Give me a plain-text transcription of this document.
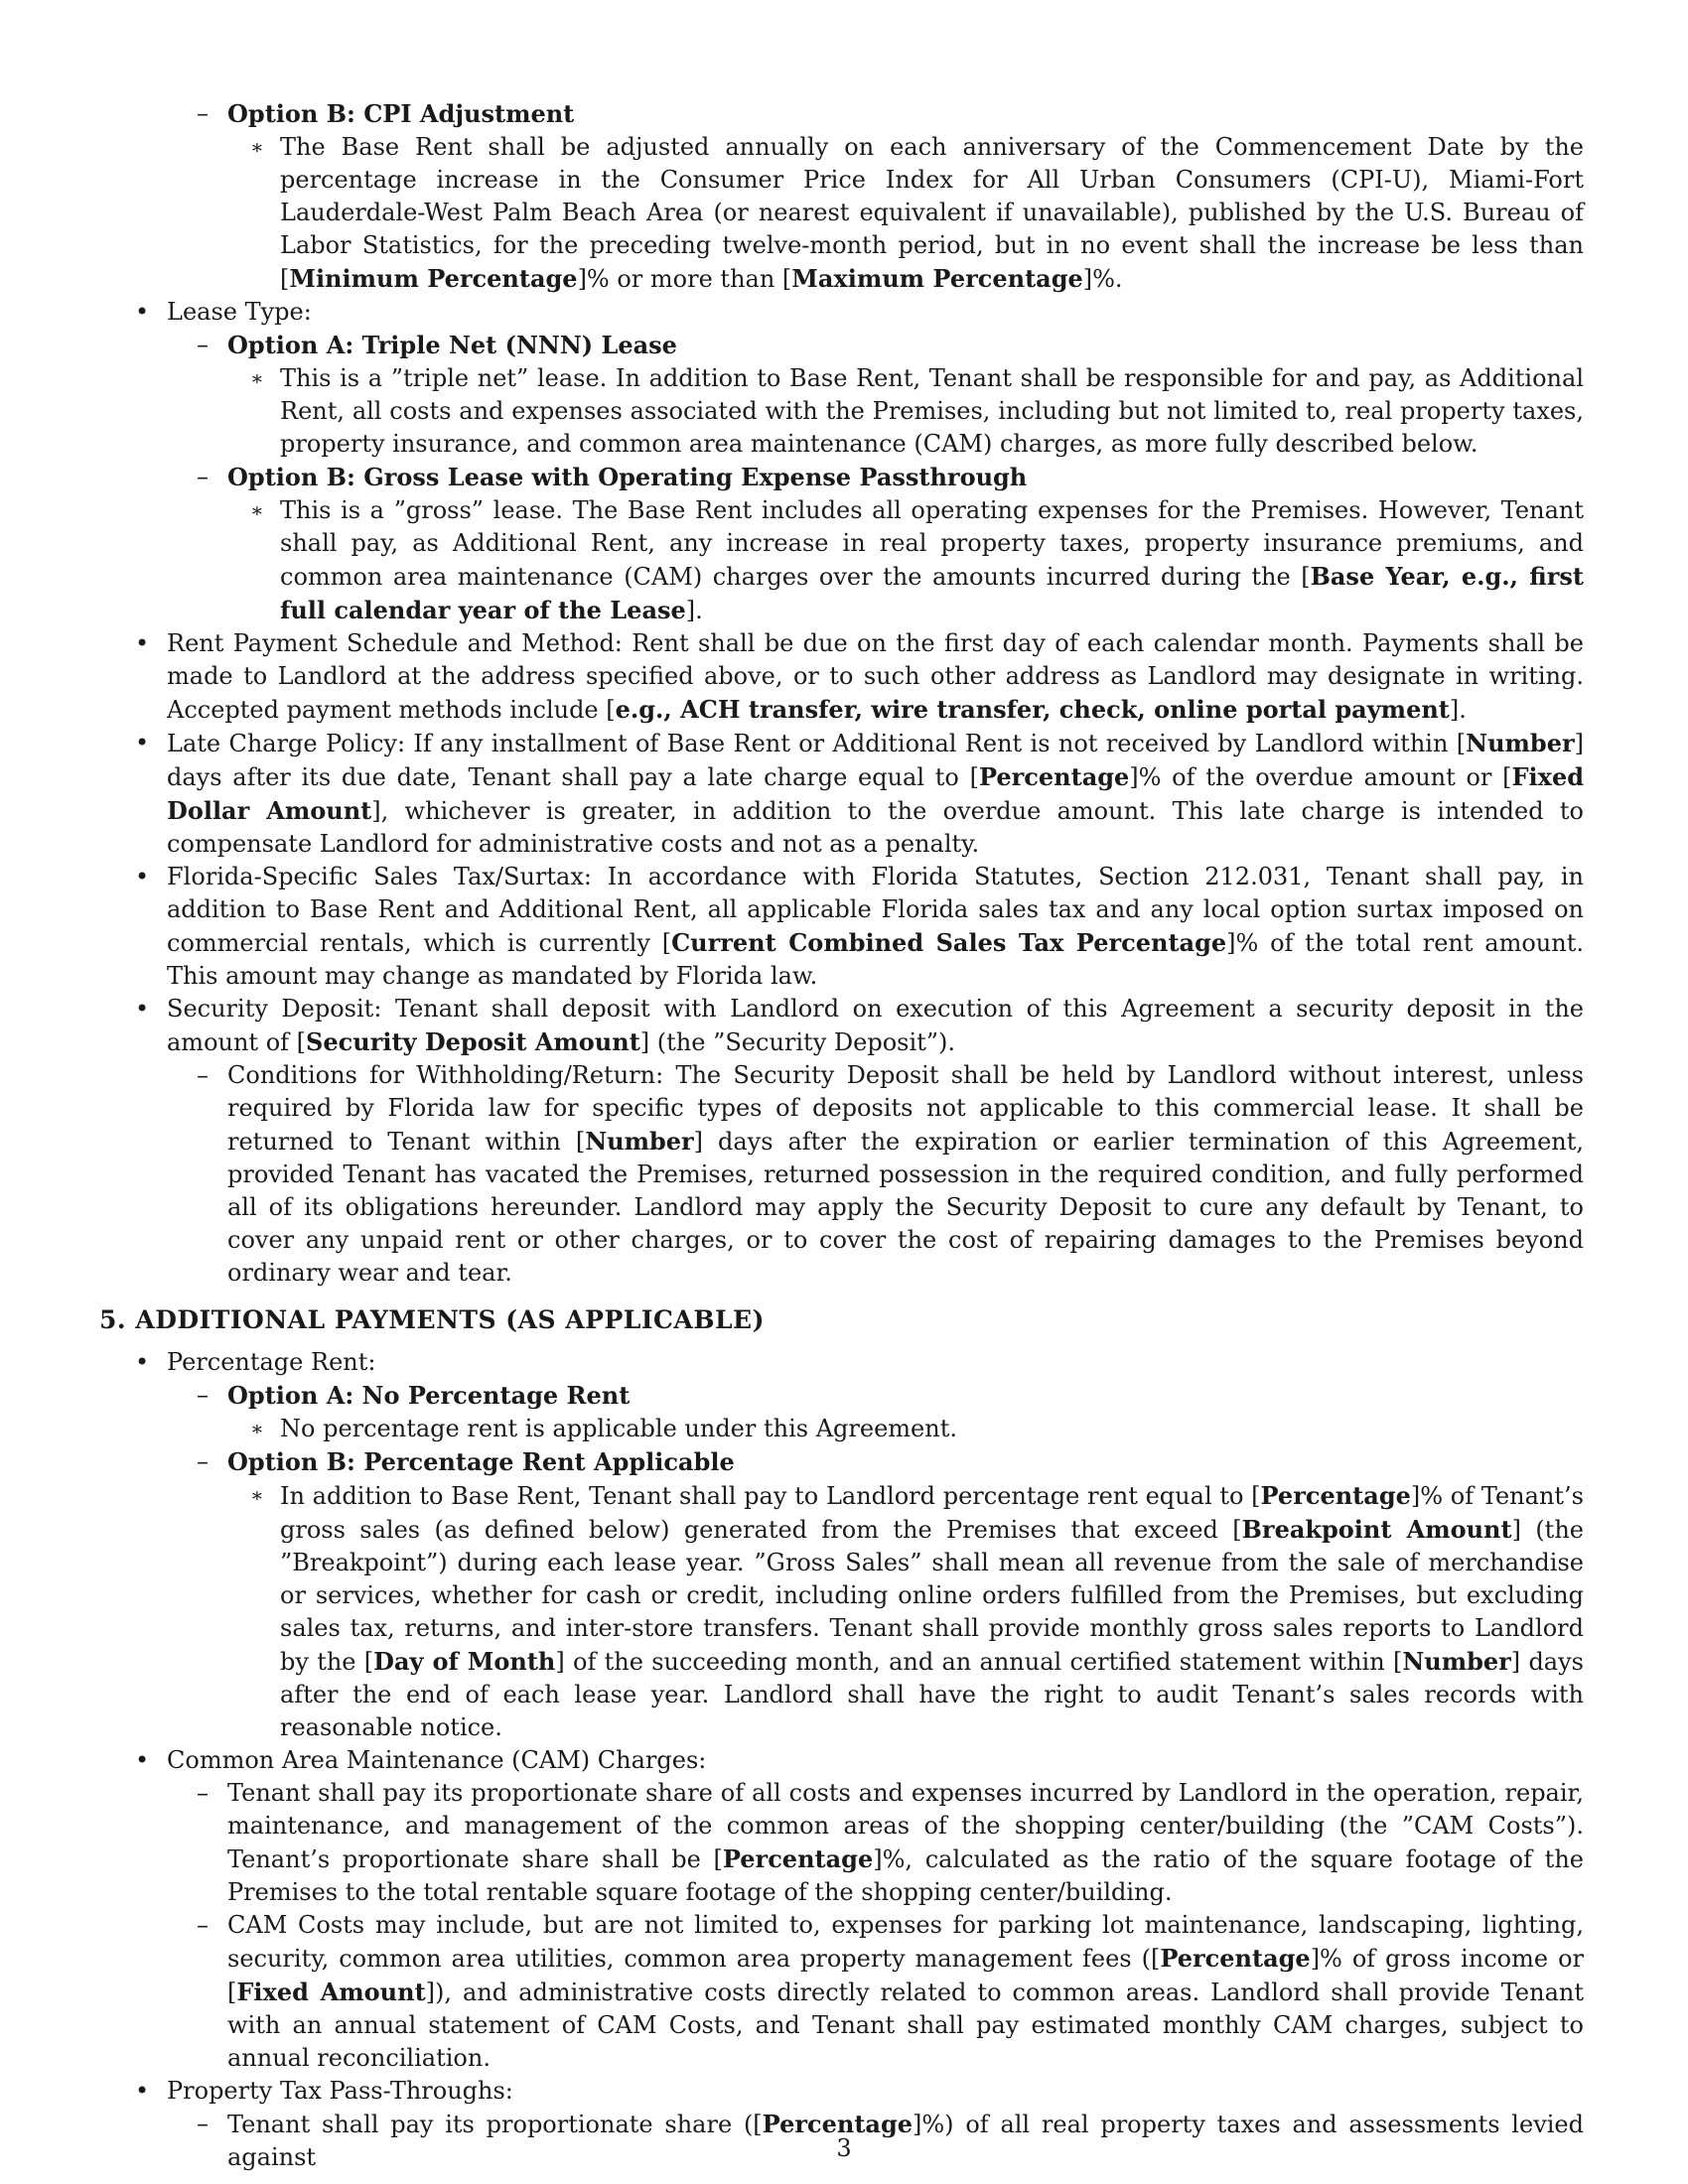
– Option B: CPI Adjustment
∗ The Base Rent shall be adjusted annually on each anniversary of the Commencement Date by the percentage increase in the Consumer Price Index for All Urban Consumers (CPI-U), Miami-Fort Lauderdale-West Palm Beach Area (or nearest equivalent if unavailable), published by the U.S. Bureau of Labor Statistics, for the preceding twelve-month period, but in no event shall the increase be less than [Minimum Percentage]% or more than [Maximum Percentage]%.
• Lease Type:
– Option A: Triple Net (NNN) Lease
∗ This is a ”triple net” lease. In addition to Base Rent, Tenant shall be responsible for and pay, as Additional Rent, all costs and expenses associated with the Premises, including but not limited to, real property taxes, property insurance, and common area maintenance (CAM) charges, as more fully described below.
– Option B: Gross Lease with Operating Expense Passthrough
∗ This is a ”gross” lease. The Base Rent includes all operating expenses for the Premises. However, Tenant shall pay, as Additional Rent, any increase in real property taxes, property insurance premiums, and common area maintenance (CAM) charges over the amounts incurred during the [Base Year, e.g., first full calendar year of the Lease].
• Rent Payment Schedule and Method: Rent shall be due on the first day of each calendar month. Payments shall be made to Landlord at the address specified above, or to such other address as Landlord may designate in writing. Accepted payment methods include [e.g., ACH transfer, wire transfer, check, online portal payment].
• Late Charge Policy: If any installment of Base Rent or Additional Rent is not received by Landlord within [Number] days after its due date, Tenant shall pay a late charge equal to [Percentage]% of the overdue amount or [Fixed Dollar Amount], whichever is greater, in addition to the overdue amount. This late charge is intended to compensate Landlord for administrative costs and not as a penalty.
• Florida-Specific Sales Tax/Surtax: In accordance with Florida Statutes, Section 212.031, Tenant shall pay, in addition to Base Rent and Additional Rent, all applicable Florida sales tax and any local option surtax imposed on commercial rentals, which is currently [Current Combined Sales Tax Percentage]% of the total rent amount. This amount may change as mandated by Florida law.
• Security Deposit: Tenant shall deposit with Landlord on execution of this Agreement a security deposit in the amount of [Security Deposit Amount] (the ”Security Deposit”).
– Conditions for Withholding/Return: The Security Deposit shall be held by Landlord without interest, unless required by Florida law for specific types of deposits not applicable to this commercial lease. It shall be returned to Tenant within [Number] days after the expiration or earlier termination of this Agreement, provided Tenant has vacated the Premises, returned possession in the required condition, and fully performed all of its obligations hereunder. Landlord may apply the Security Deposit to cure any default by Tenant, to cover any unpaid rent or other charges, or to cover the cost of repairing damages to the Premises beyond ordinary wear and tear.
5. ADDITIONAL PAYMENTS (AS APPLICABLE)
• Percentage Rent:
– Option A: No Percentage Rent
∗ No percentage rent is applicable under this Agreement.
– Option B: Percentage Rent Applicable
∗ In addition to Base Rent, Tenant shall pay to Landlord percentage rent equal to [Percentage]% of Tenant’s gross sales (as defined below) generated from the Premises that exceed [Breakpoint Amount] (the ”Breakpoint”) during each lease year. ”Gross Sales” shall mean all revenue from the sale of merchandise or services, whether for cash or credit, including online orders fulfilled from the Premises, but excluding sales tax, returns, and inter-store transfers. Tenant shall provide monthly gross sales reports to Landlord by the [Day of Month] of the succeeding month, and an annual certified statement within [Number] days after the end of each lease year. Landlord shall have the right to audit Tenant’s sales records with reasonable notice.
• Common Area Maintenance (CAM) Charges:
– Tenant shall pay its proportionate share of all costs and expenses incurred by Landlord in the operation, repair, maintenance, and management of the common areas of the shopping center/building (the ”CAM Costs”). Tenant’s proportionate share shall be [Percentage]%, calculated as the ratio of the square footage of the Premises to the total rentable square footage of the shopping center/building.
– CAM Costs may include, but are not limited to, expenses for parking lot maintenance, landscaping, lighting, security, common area utilities, common area property management fees ([Percentage]% of gross income or [Fixed Amount]), and administrative costs directly related to common areas. Landlord shall provide Tenant with an annual statement of CAM Costs, and Tenant shall pay estimated monthly CAM charges, subject to annual reconciliation.
• Property Tax Pass-Throughs:
– Tenant shall pay its proportionate share ([Percentage]%) of all real property taxes and assessments levied against	3
